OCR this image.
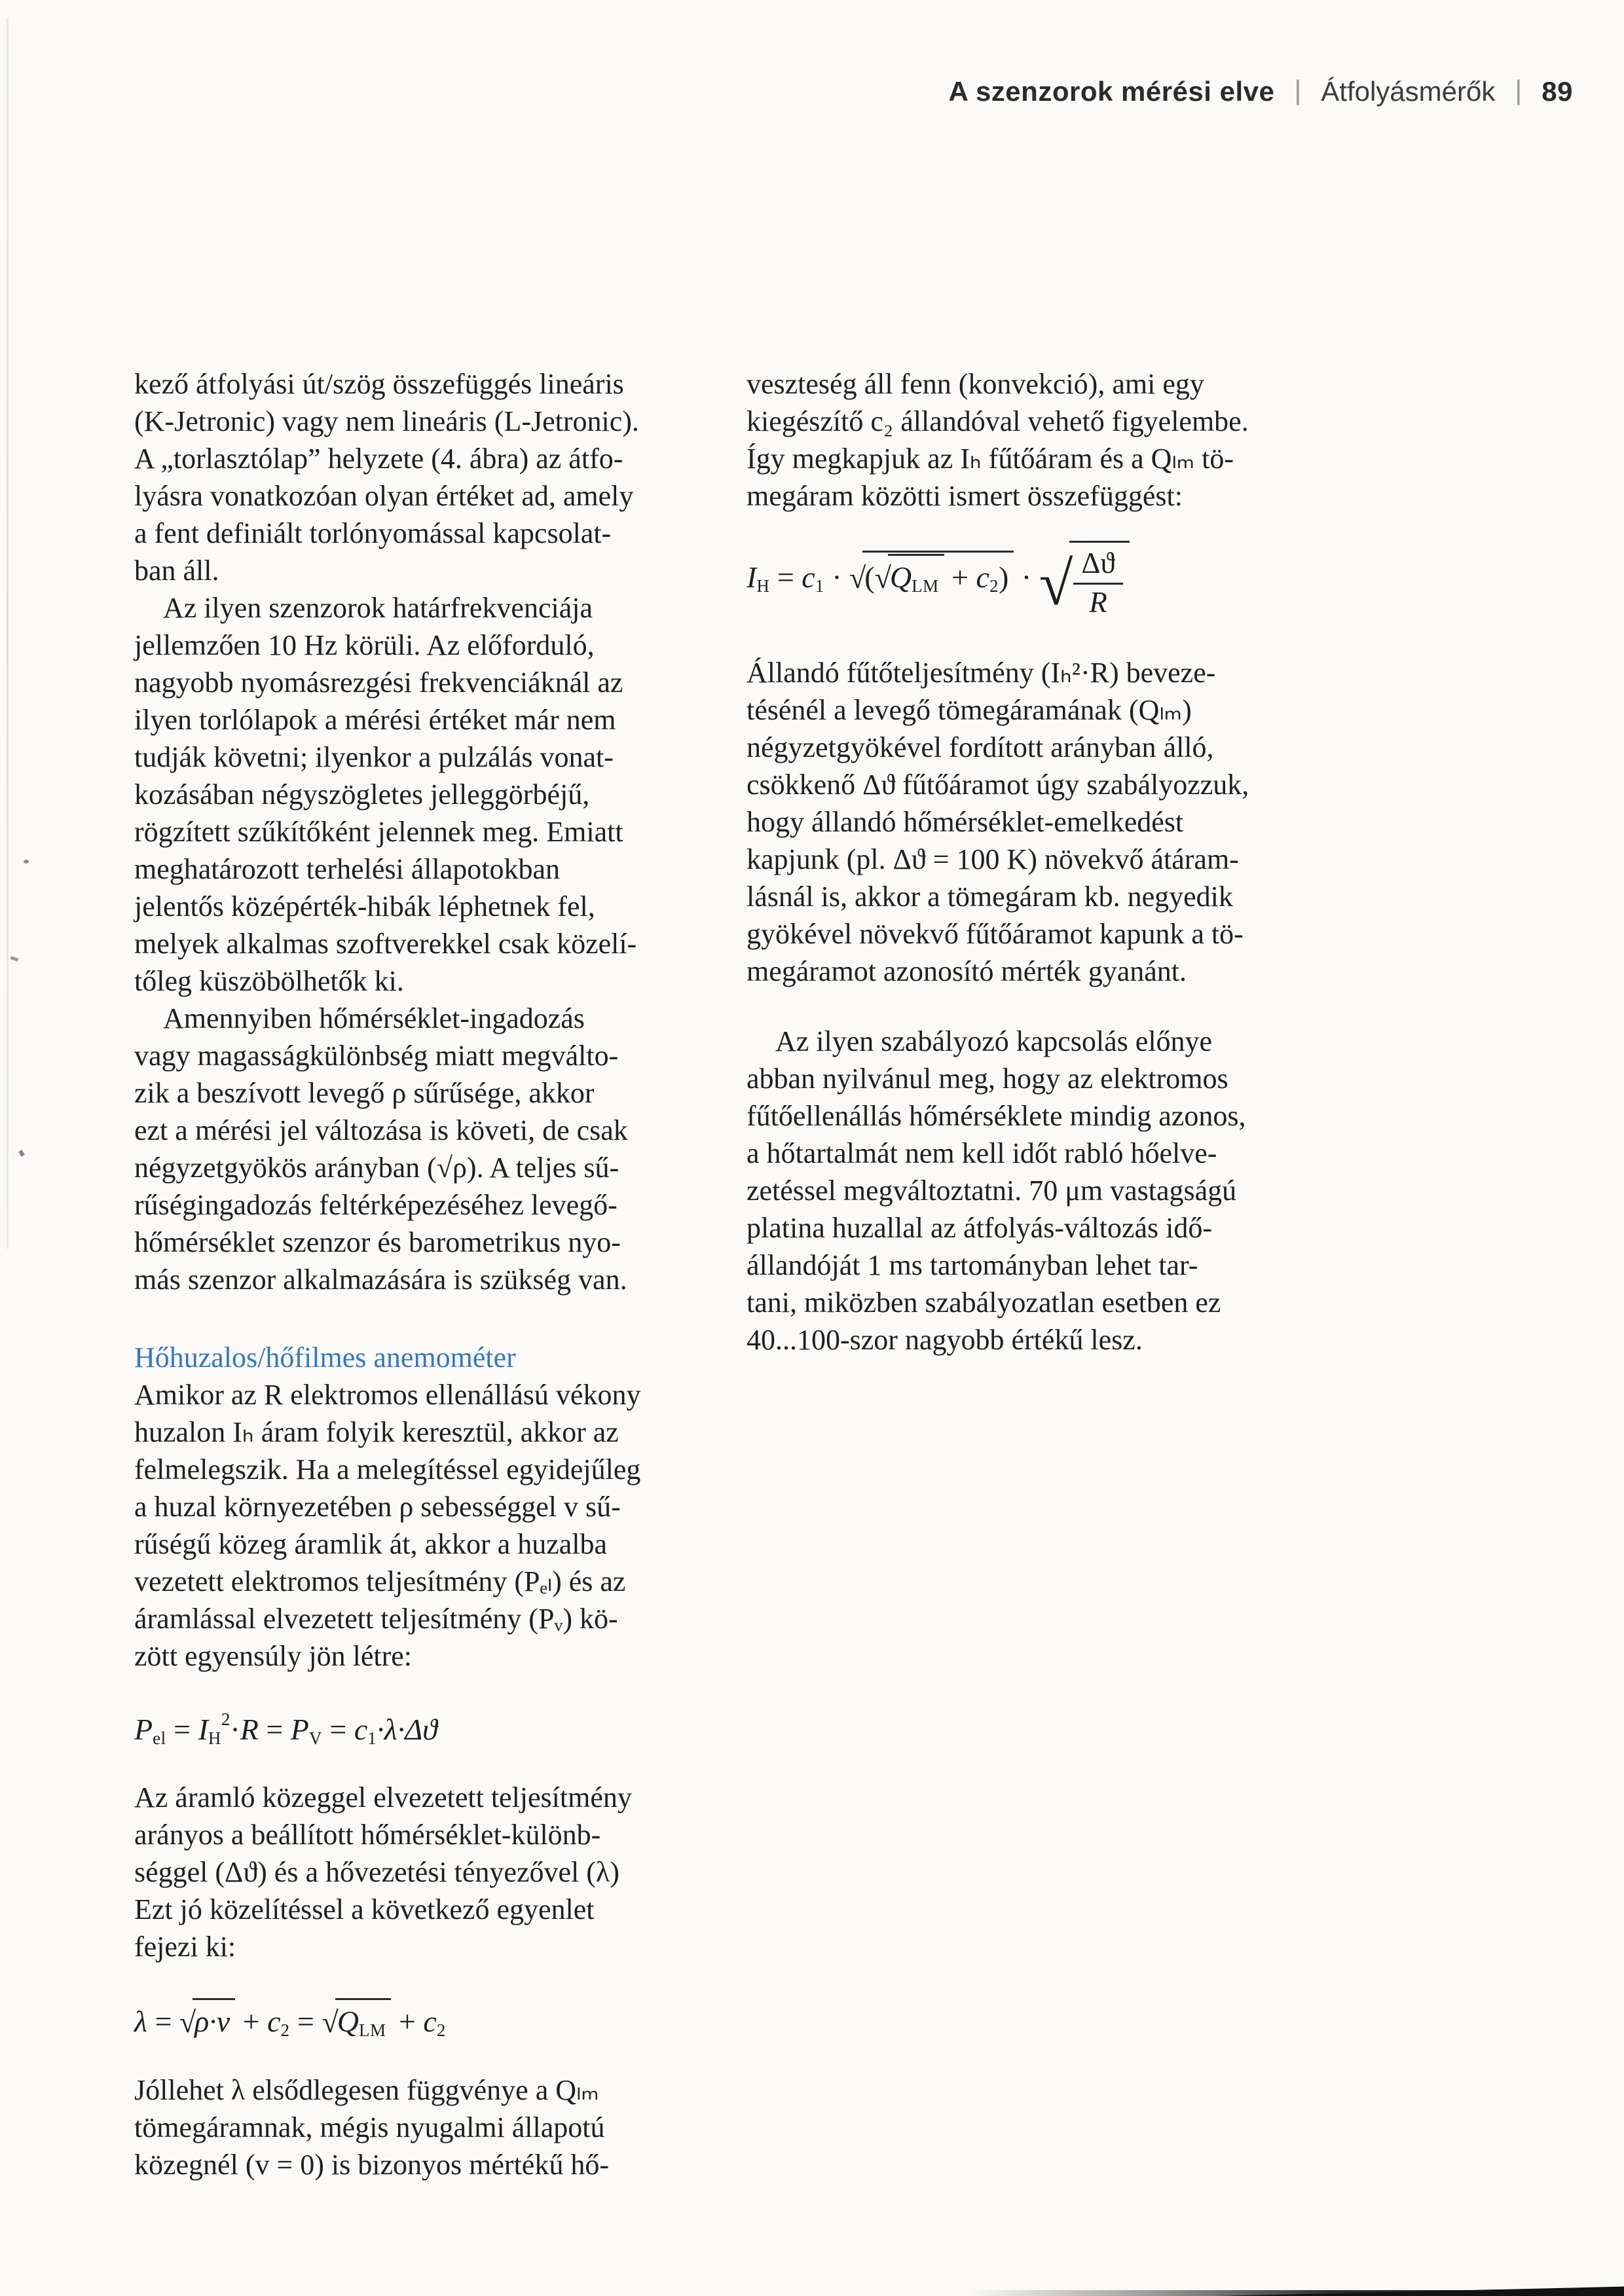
A szenzorok mérési elve | Átfolyásmérők | 89
kező átfolyási út/szög összefüggés lineáris
(K-Jetronic) vagy nem lineáris (L-Jetronic).
A „torlasztólap” helyzete (4. ábra) az átfo-
lyásra vonatkozóan olyan értéket ad, amely
a fent definiált torlónyomással kapcsolat-
ban áll.
 Az ilyen szenzorok határfrekvenciája
jellemzően 10 Hz körüli. Az előforduló,
nagyobb nyomásrezgési frekvenciáknál az
ilyen torlólapok a mérési értéket már nem
tudják követni; ilyenkor a pulzálás vonat-
kozásában négyszögletes jelleggörbéjű,
rögzített szűkítőként jelennek meg. Emiatt
meghatározott terhelési állapotokban
jelentős középérték-hibák léphetnek fel,
melyek alkalmas szoftverekkel csak közelí-
tőleg küszöbölhetők ki.
 Amennyiben hőmérséklet-ingadozás
vagy magasságkülönbség miatt megválto-
zik a beszívott levegő ρ sűrűsége, akkor
ezt a mérési jel változása is követi, de csak
négyzetgyökös arányban (√ρ). A teljes sű-
rűségingadozás feltérképezéséhez levegő-
hőmérséklet szenzor és barometrikus nyo-
más szenzor alkalmazására is szükség van.
Hőhuzalos/hőfilmes anemométer
Amikor az R elektromos ellenállású vékony
huzalon Iₕ áram folyik keresztül, akkor az
felmelegszik. Ha a melegítéssel egyidejűleg
a huzal környezetében ρ sebességgel v sű-
rűségű közeg áramlik át, akkor a huzalba
vezetett elektromos teljesítmény (Pₑₗ) és az
áramlással elvezetett teljesítmény (Pᵥ) kö-
zött egyensúly jön létre:
Pel = $IH^2\cdot R$ = PV = c1·λ·Δϑ
Az áramló közeggel elvezetett teljesítmény
arányos a beállított hőmérséklet-különb-
séggel (Δϑ) és a hővezetési tényezővel (λ)
Ezt jó közelítéssel a következő egyenlet
fejezi ki:
λ = √ρ·v + c2 = √QLM + c2
Jóllehet λ elsődlegesen függvénye a Qₗₘ
tömegáramnak, mégis nyugalmi állapotú
közegnél (v = 0) is bizonyos mértékű hő-
veszteség áll fenn (konvekció), ami egy
kiegészítő c₂ állandóval vehető figyelembe.
Így megkapjuk az Iₕ fűtőáram és a Qₗₘ tö-
megáram közötti ismert összefüggést:
IH = c1 · √(√QLM + c2) · √ $\frac{\Delta ϑ}{R}$
Állandó fűtőteljesítmény (Iₕ²·R) beveze-
tésénél a levegő tömegáramának (Qₗₘ)
négyzetgyökével fordított arányban álló,
csökkenő Δϑ fűtőáramot úgy szabályozzuk,
hogy állandó hőmérséklet-emelkedést
kapjunk (pl. Δϑ = 100 K) növekvő átáram-
lásnál is, akkor a tömegáram kb. negyedik
gyökével növekvő fűtőáramot kapunk a tö-
megáramot azonosító mérték gyanánt.
 Az ilyen szabályozó kapcsolás előnye
abban nyilvánul meg, hogy az elektromos
fűtőellenállás hőmérséklete mindig azonos,
a hőtartalmát nem kell időt rabló hőelve-
zetéssel megváltoztatni. 70 μm vastagságú
platina huzallal az átfolyás-változás idő-
állandóját 1 ms tartományban lehet tar-
tani, miközben szabályozatlan esetben ez
40...100-szor nagyobb értékű lesz.
